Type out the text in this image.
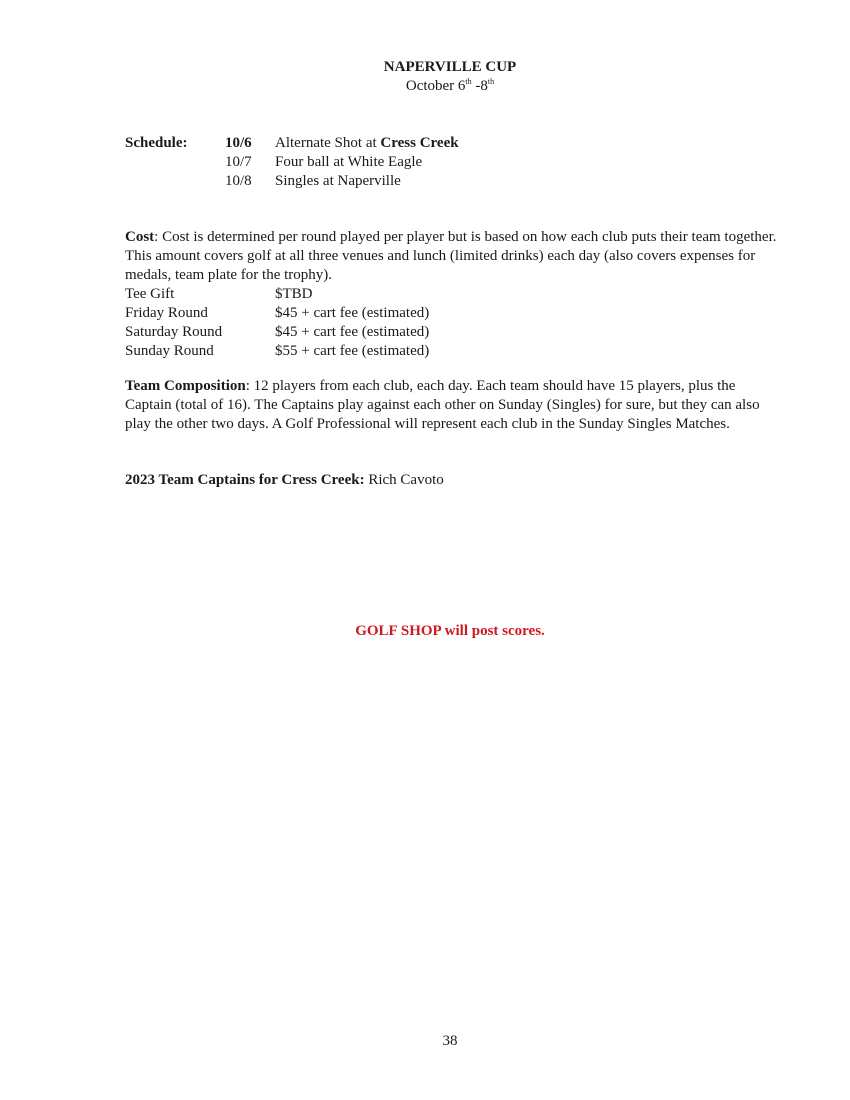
NAPERVILLE CUP
October 6th -8th
Schedule:	10/6 Alternate Shot at Cress Creek
10/7 Four ball at White Eagle
10/8 Singles at Naperville

Cost: Cost is determined per round played per player but is based on how each club puts their team together. This amount covers golf at all three venues and lunch (limited drinks) each day (also covers expenses for medals, team plate for the trophy).

Tee Gift	$TBD
Friday Round	$45 + cart fee (estimated)
Saturday Round	$45 + cart fee (estimated)
Sunday Round	$55 + cart fee (estimated)

Team Composition: 12 players from each club, each day. Each team should have 15 players, plus the Captain (total of 16). The Captains play against each other on Sunday (Singles) for sure, but they can also play the other two days. A Golf Professional will represent each club in the Sunday Singles Matches.

2023 Team Captains for Cress Creek: Rich Cavoto

GOLF SHOP will post scores.
38
